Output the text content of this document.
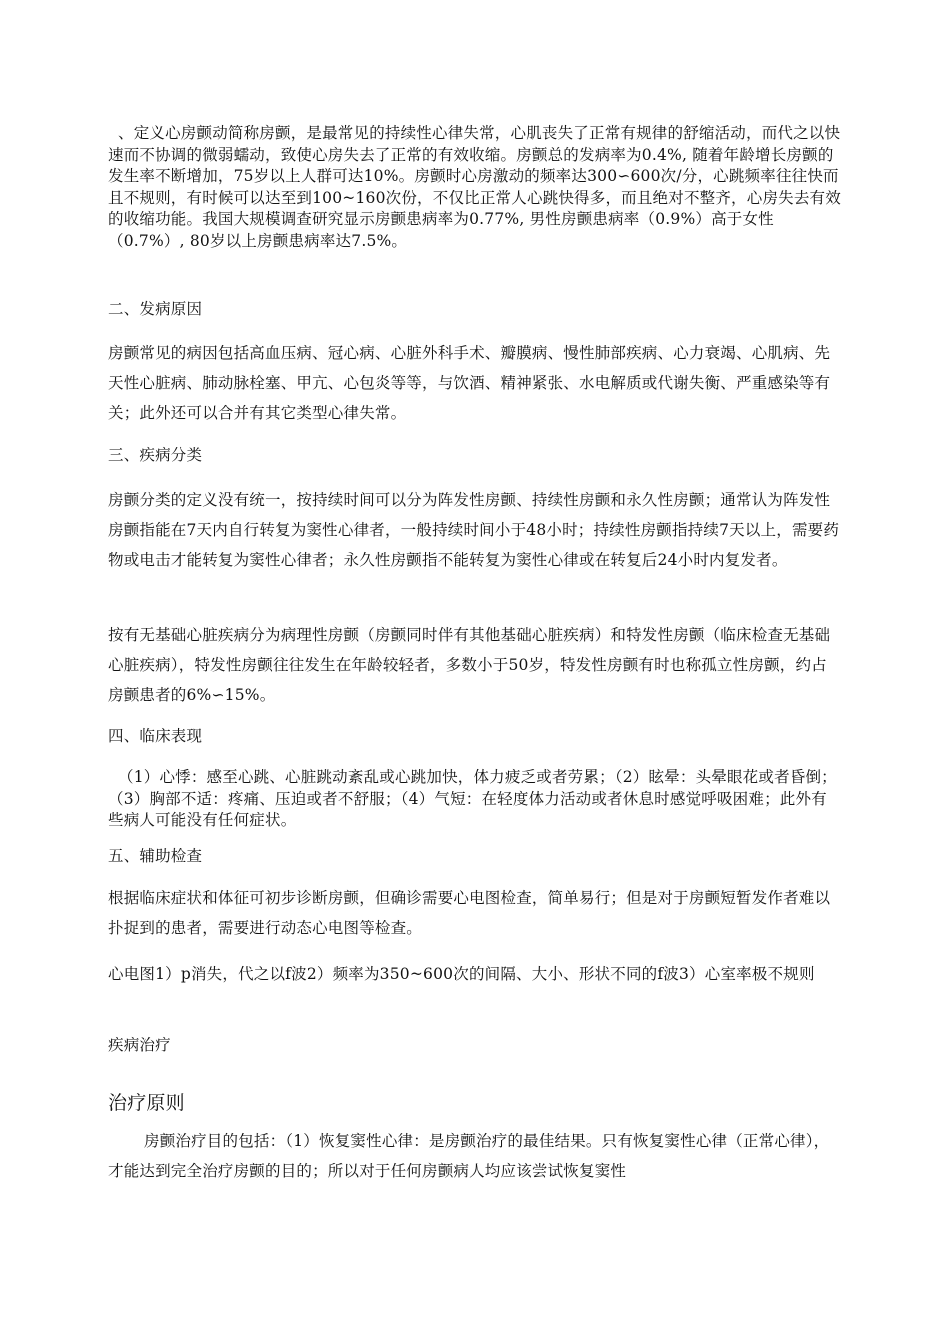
、定义心房颤动简称房颤，是最常见的持续性心律失常，心肌丧失了正常有规律的舒缩活动，而代之以快速而不协调的微弱蠕动，致使心房失去了正常的有效收缩。房颤总的发病率为0.4%, 随着年龄增长房颤的发生率不断增加，75岁以上人群可达10%。房颤时心房激动的频率达300∽600次/分，心跳频率往往快而且不规则，有时候可以达至到100~160次份，不仅比正常人心跳快得多，而且绝对不整齐，心房失去有效的收缩功能。我国大规模调查研究显示房颤患病率为0.77%, 男性房颤患病率（0.9%）高于女性（0.7%）, 80岁以上房颤患病率达7.5%。

二、发病原因

房颤常见的病因包括高血压病、冠心病、心脏外科手术、瓣膜病、慢性肺部疾病、心力衰竭、心肌病、先天性心脏病、肺动脉栓塞、甲亢、心包炎等等，与饮酒、精神紧张、水电解质或代谢失衡、严重感染等有关；此外还可以合并有其它类型心律失常。

三、疾病分类

房颤分类的定义没有统一，按持续时间可以分为阵发性房颤、持续性房颤和永久性房颤；通常认为阵发性房颤指能在7天内自行转复为窦性心律者，一般持续时间小于48小时；持续性房颤指持续7天以上，需要药物或电击才能转复为窦性心律者；永久性房颤指不能转复为窦性心律或在转复后24小时内复发者。

按有无基础心脏疾病分为病理性房颤（房颤同时伴有其他基础心脏疾病）和特发性房颤（临床检查无基础心脏疾病），特发性房颤往往发生在年龄较轻者，多数小于50岁，特发性房颤有时也称孤立性房颤，约占房颤患者的6%∽15%。

四、临床表现

（1）心悸：感至心跳、心脏跳动紊乱或心跳加快，体力疲乏或者劳累；（2）眩晕：头晕眼花或者昏倒；（3）胸部不适：疼痛、压迫或者不舒服；（4）气短：在轻度体力活动或者休息时感觉呼吸困难；此外有些病人可能没有任何症状。

五、辅助检查

根据临床症状和体征可初步诊断房颤，但确诊需要心电图检查，简单易行；但是对于房颤短暂发作者难以扑捉到的患者，需要进行动态心电图等检查。

心电图1）p消失，代之以f波2）频率为350~600次的间隔、大小、形状不同的f波3）心室率极不规则

疾病治疗

治疗原则

房颤治疗目的包括：（1）恢复窦性心律：是房颤治疗的最佳结果。只有恢复窦性心律（正常心律），才能达到完全治疗房颤的目的；所以对于任何房颤病人均应该尝试恢复窦性
